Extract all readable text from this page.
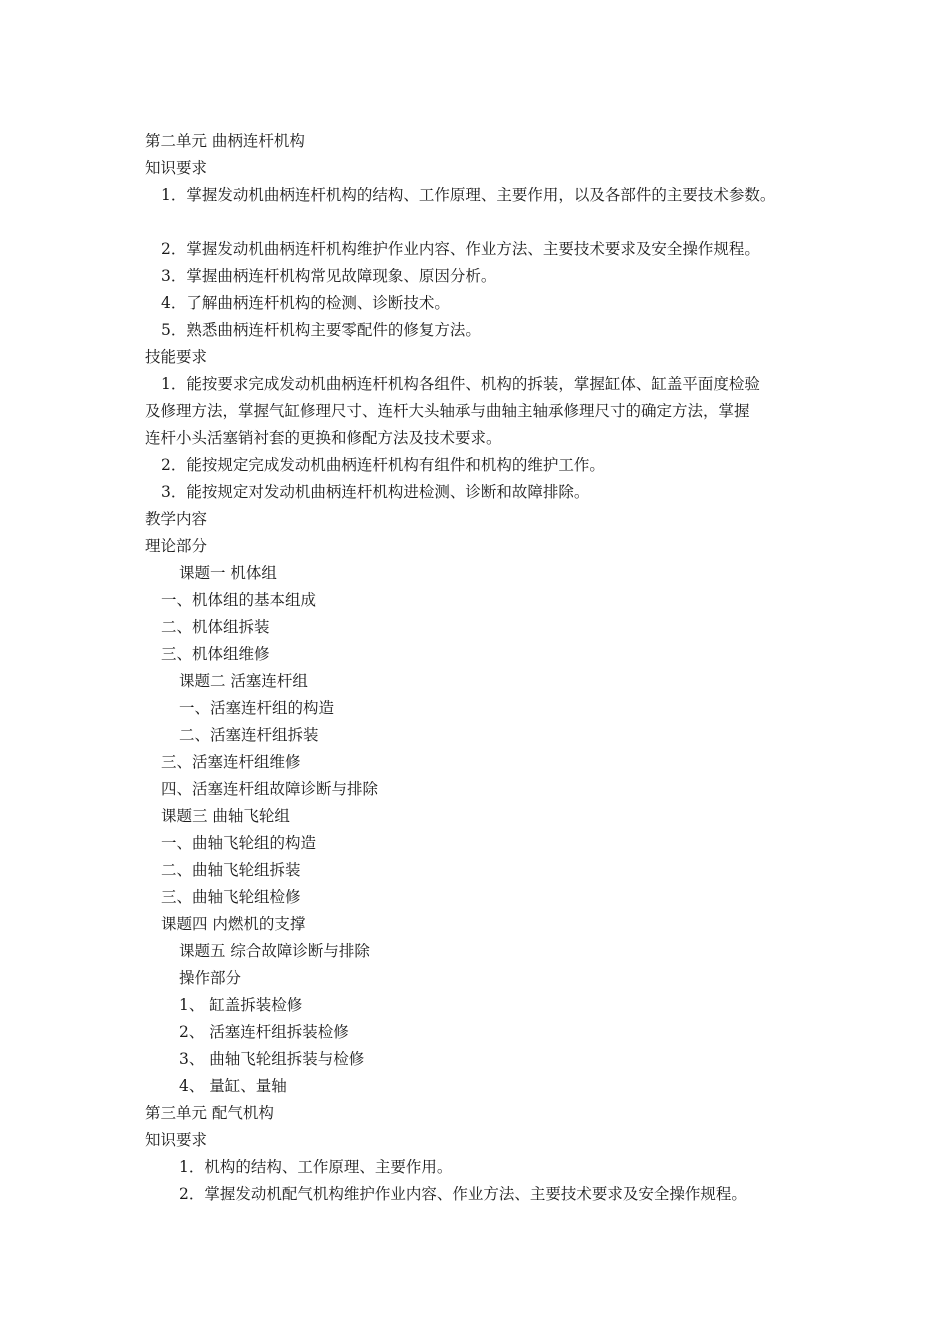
第二单元 曲柄连杆机构
知识要求
1．掌握发动机曲柄连杆机构的结构、工作原理、主要作用，以及各部件的主要技术参数。
2．掌握发动机曲柄连杆机构维护作业内容、作业方法、主要技术要求及安全操作规程。
3．掌握曲柄连杆机构常见故障现象、原因分析。
4．了解曲柄连杆机构的检测、诊断技术。
5．熟悉曲柄连杆机构主要零配件的修复方法。
技能要求
1．能按要求完成发动机曲柄连杆机构各组件、机构的拆装，掌握缸体、缸盖平面度检验
及修理方法，掌握气缸修理尺寸、连杆大头轴承与曲轴主轴承修理尺寸的确定方法，掌握
连杆小头活塞销衬套的更换和修配方法及技术要求。
2．能按规定完成发动机曲柄连杆机构有组件和机构的维护工作。
3．能按规定对发动机曲柄连杆机构进检测、诊断和故障排除。
教学内容
理论部分
课题一 机体组
一、机体组的基本组成
二、机体组拆装
三、机体组维修
课题二 活塞连杆组
一、活塞连杆组的构造
二、活塞连杆组拆装
三、活塞连杆组维修
四、活塞连杆组故障诊断与排除
课题三 曲轴飞轮组
一、曲轴飞轮组的构造
二、曲轴飞轮组拆装
三、曲轴飞轮组检修
课题四 内燃机的支撑
课题五 综合故障诊断与排除
操作部分
1、 缸盖拆装检修
2、 活塞连杆组拆装检修
3、 曲轴飞轮组拆装与检修
4、 量缸、量轴
第三单元 配气机构
知识要求
1．机构的结构、工作原理、主要作用。
2．掌握发动机配气机构维护作业内容、作业方法、主要技术要求及安全操作规程。
